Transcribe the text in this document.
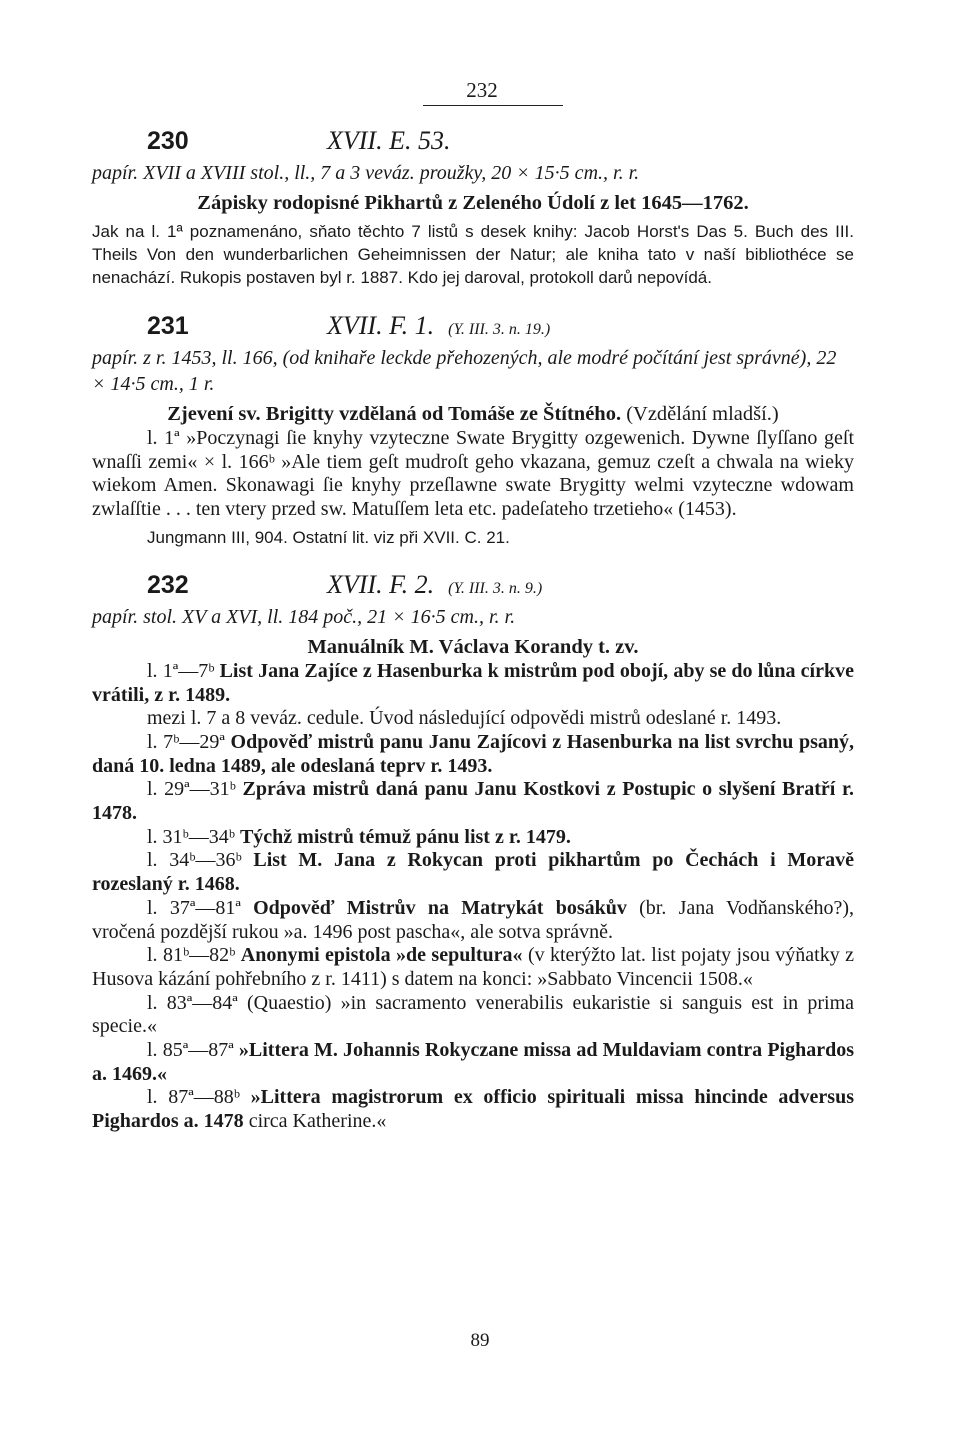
232
230	XVII. E. 53.

papír. XVII a XVIII stol., ll., 7 a 3 veváz. proužky, 20 × 15·5 cm., r. r.

Zápisky rodopisné Pikhartů z Zeleného Údolí z let 1645—1762.

Jak na l. 1ª poznamenáno, sňato těchto 7 listů s desek knihy: Jacob Horst's Das 5. Buch des III. Theils Von den wunderbarlichen Geheimnissen der Natur; ale kniha tato v naší bibliothéce se nenachází. Rukopis postaven byl r. 1887. Kdo jej daroval, protokoll darů nepovídá.

231	XVII. F. 1. (Y. III. 3. n. 19.)

papír. z r. 1453, ll. 166, (od knihaře leckde přehozených, ale modré počítání jest správné), 22 × 14·5 cm., 1 r.

Zjevení sv. Brigitty vzdělaná od Tomáše ze Štítného. (Vzdělání mladší.)

l. 1ª »Poczynagi ſie knyhy vzyteczne Swate Brygitty ozgewenich. Dywne ſlyſſano geſt wnaſſi zemi« × l. 166ᵇ »Ale tiem geſt mudroſt geho vkazana, gemuz czeſt a chwala na wieky wiekom Amen. Skonawagi ſie knyhy przeſlawne swate Brygitty welmi vzyteczne wdowam zwlaſſtie . . . ten vtery przed sw. Matuſſem leta etc. padeſateho trzetieho« (1453).

Jungmann III, 904. Ostatní lit. viz při XVII. C. 21.

232	XVII. F. 2. (Y. III. 3. n. 9.)

papír. stol. XV a XVI, ll. 184 poč., 21 × 16·5 cm., r. r.

Manuálník M. Václava Korandy t. zv.

l. 1ª—7ᵇ List Jana Zajíce z Hasenburka k mistrům pod obojí, aby se do lůna církve vrátili, z r. 1489.

mezi l. 7 a 8 veváz. cedule. Úvod následující odpovědi mistrů odeslané r. 1493.

l. 7ᵇ—29ª Odpověď mistrů panu Janu Zajícovi z Hasenburka na list svrchu psaný, daná 10. ledna 1489, ale odeslaná teprv r. 1493.

l. 29ª—31ᵇ Zpráva mistrů daná panu Janu Kostkovi z Postupic o slyšení Bratří r. 1478.

l. 31ᵇ—34ᵇ Týchž mistrů témuž pánu list z r. 1479.

l. 34ᵇ—36ᵇ List M. Jana z Rokycan proti pikhartům po Čechách i Moravě rozeslaný r. 1468.

l. 37ª—81ª Odpověď Mistrův na Matrykát bosákův (br. Jana Vodňanského?), vročená pozdější rukou »a. 1496 post pascha«, ale sotva správně.

l. 81ᵇ—82ᵇ Anonymi epistola »de sepultura« (v kterýžto lat. list pojaty jsou výňatky z Husova kázání pohřebního z r. 1411) s datem na konci: »Sabbato Vincencii 1508.«

l. 83ª—84ª (Quaestio) »in sacramento venerabilis eukaristie si sanguis est in prima specie.«

l. 85ª—87ª »Littera M. Johannis Rokyczane missa ad Muldaviam contra Pighardos a. 1469.«

l. 87ª—88ᵇ »Littera magistrorum ex officio spirituali missa hincinde adversus Pighardos a. 1478 circa Katherine.«

89
